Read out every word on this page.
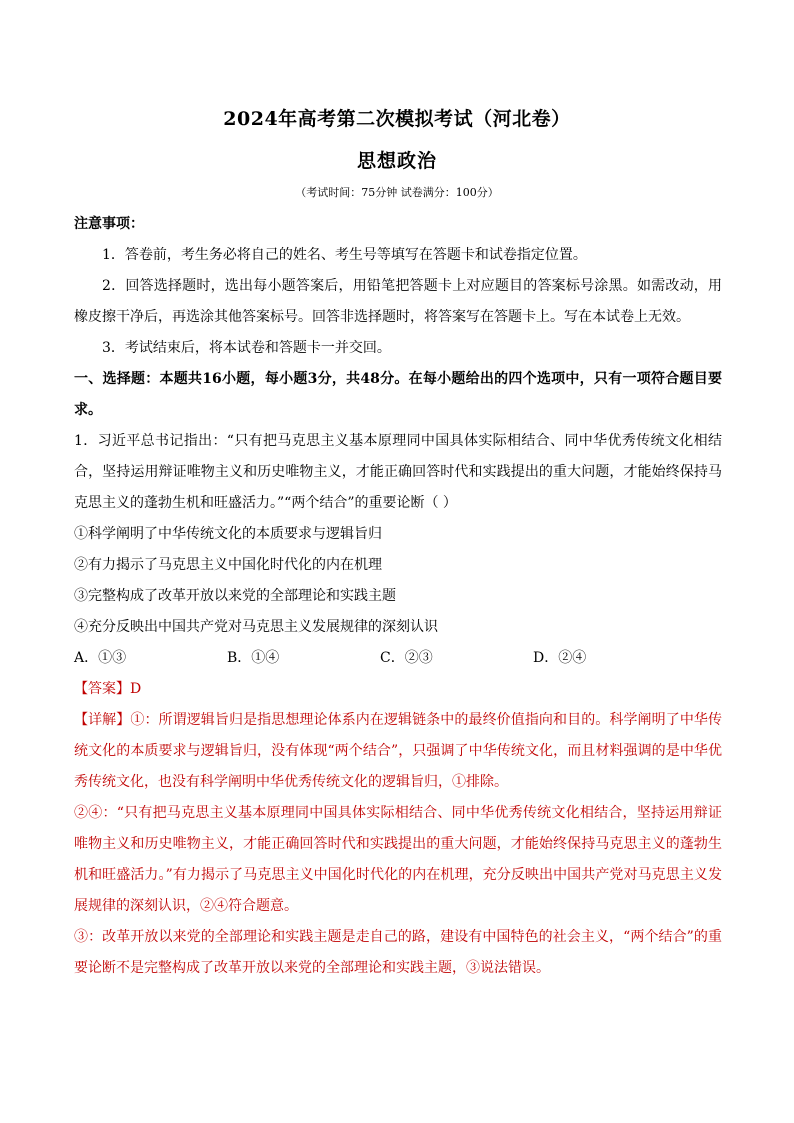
2024年高考第二次模拟考试（河北卷）
思想政治
（考试时间：75分钟 试卷满分：100分）

注意事项：

1．答卷前，考生务必将自己的姓名、考生号等填写在答题卡和试卷指定位置。

2．回答选择题时，选出每小题答案后，用铅笔把答题卡上对应题目的答案标号涂黑。如需改动，用橡皮擦干净后，再选涂其他答案标号。回答非选择题时，将答案写在答题卡上。写在本试卷上无效。

3．考试结束后，将本试卷和答题卡一并交回。

一、选择题：本题共16小题，每小题3分，共48分。在每小题给出的四个选项中，只有一项符合题目要求。

1．习近平总书记指出：“只有把马克思主义基本原理同中国具体实际相结合、同中华优秀传统文化相结合，坚持运用辩证唯物主义和历史唯物主义，才能正确回答时代和实践提出的重大问题，才能始终保持马克思主义的蓬勃生机和旺盛活力。”“两个结合”的重要论断（ ）

①科学阐明了中华传统文化的本质要求与逻辑旨归

②有力揭示了马克思主义中国化时代化的内在机理

③完整构成了改革开放以来党的全部理论和实践主题

④充分反映出中国共产党对马克思主义发展规律的深刻认识

A．①③	B．①④	C．②③	D．②④

【答案】D

【详解】①：所谓逻辑旨归是指思想理论体系内在逻辑链条中的最终价值指向和目的。科学阐明了中华传统文化的本质要求与逻辑旨归，没有体现“两个结合”，只强调了中华传统文化，而且材料强调的是中华优秀传统文化，也没有科学阐明中华优秀传统文化的逻辑旨归，①排除。

②④：“只有把马克思主义基本原理同中国具体实际相结合、同中华优秀传统文化相结合，坚持运用辩证唯物主义和历史唯物主义，才能正确回答时代和实践提出的重大问题，才能始终保持马克思主义的蓬勃生机和旺盛活力。”有力揭示了马克思主义中国化时代化的内在机理，充分反映出中国共产党对马克思主义发展规律的深刻认识，②④符合题意。

③：改革开放以来党的全部理论和实践主题是走自己的路，建设有中国特色的社会主义，“两个结合”的重要论断不是完整构成了改革开放以来党的全部理论和实践主题，③说法错误。
